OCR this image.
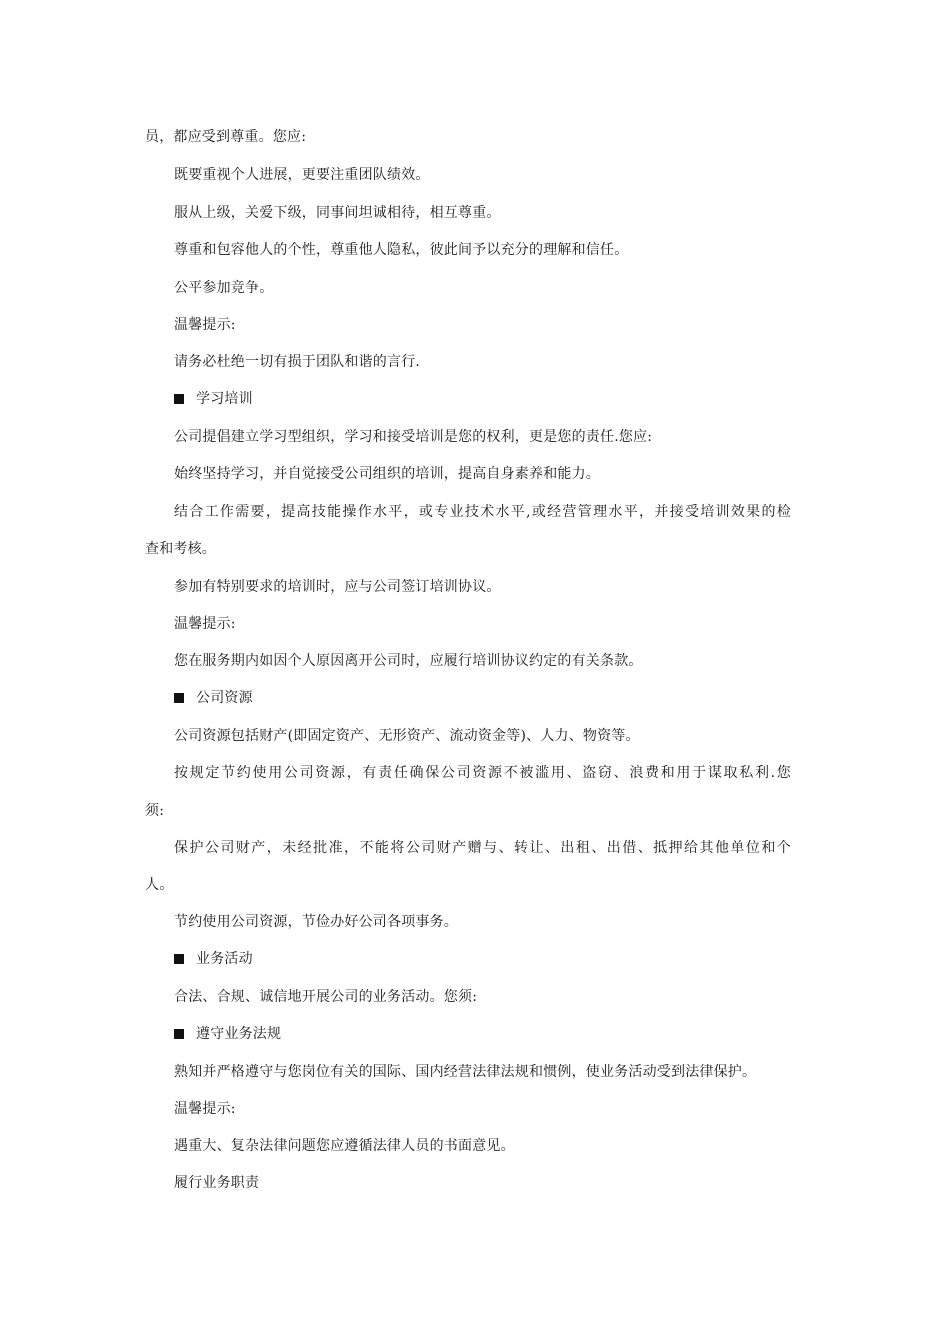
员，都应受到尊重。您应:
既要重视个人进展，更要注重团队绩效。
服从上级，关爱下级，同事间坦诚相待，相互尊重。
尊重和包容他人的个性，尊重他人隐私，彼此间予以充分的理解和信任。
公平参加竞争。
温馨提示:
请务必杜绝一切有损于团队和谐的言行.
学习培训
公司提倡建立学习型组织，学习和接受培训是您的权利，更是您的责任.您应:
始终坚持学习，并自觉接受公司组织的培训，提高自身素养和能力。
结合工作需要，提高技能操作水平，或专业技术水平,或经营管理水平，并接受培训效果的检
查和考核。
参加有特别要求的培训时，应与公司签订培训协议。
温馨提示:
您在服务期内如因个人原因离开公司时，应履行培训协议约定的有关条款。
公司资源
公司资源包括财产(即固定资产、无形资产、流动资金等)、人力、物资等。
按规定节约使用公司资源，有责任确保公司资源不被滥用、盗窃、浪费和用于谋取私利.您
须:
保护公司财产，未经批准，不能将公司财产赠与、转让、出租、出借、抵押给其他单位和个
人。
节约使用公司资源，节俭办好公司各项事务。
业务活动
合法、合规、诚信地开展公司的业务活动。您须:
遵守业务法规
熟知并严格遵守与您岗位有关的国际、国内经营法律法规和惯例，使业务活动受到法律保护。
温馨提示:
遇重大、复杂法律问题您应遵循法律人员的书面意见。
履行业务职责
